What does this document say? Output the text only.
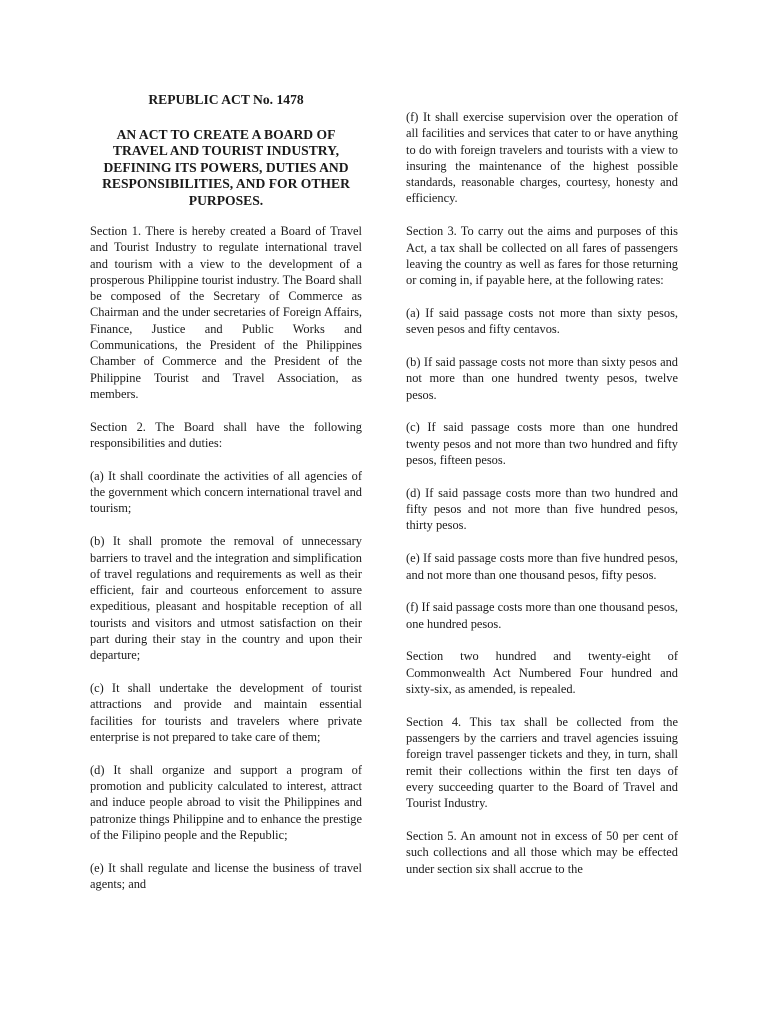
REPUBLIC ACT No. 1478
AN ACT TO CREATE A BOARD OF TRAVEL AND TOURIST INDUSTRY, DEFINING ITS POWERS, DUTIES AND RESPONSIBILITIES, AND FOR OTHER PURPOSES.

Section 1. There is hereby created a Board of Travel and Tourist Industry to regulate international travel and tourism with a view to the development of a prosperous Philippine tourist industry. The Board shall be composed of the Secretary of Commerce as Chairman and the under secretaries of Foreign Affairs, Finance, Justice and Public Works and Communications, the President of the Philippines Chamber of Commerce and the President of the Philippine Tourist and Travel Association, as members.

Section 2. The Board shall have the following responsibilities and duties:

(a) It shall coordinate the activities of all agencies of the government which concern international travel and tourism;

(b) It shall promote the removal of unnecessary barriers to travel and the integration and simplification of travel regulations and requirements as well as their efficient, fair and courteous enforcement to assure expeditious, pleasant and hospitable reception of all tourists and visitors and utmost satisfaction on their part during their stay in the country and upon their departure;

(c) It shall undertake the development of tourist attractions and provide and maintain essential facilities for tourists and travelers where private enterprise is not prepared to take care of them;

(d) It shall organize and support a program of promotion and publicity calculated to interest, attract and induce people abroad to visit the Philippines and patronize things Philippine and to enhance the prestige of the Filipino people and the Republic;

(e) It shall regulate and license the business of travel agents; and

(f) It shall exercise supervision over the operation of all facilities and services that cater to or have anything to do with foreign travelers and tourists with a view to insuring the maintenance of the highest possible standards, reasonable charges, courtesy, honesty and efficiency.

Section 3. To carry out the aims and purposes of this Act, a tax shall be collected on all fares of passengers leaving the country as well as fares for those returning or coming in, if payable here, at the following rates:

(a) If said passage costs not more than sixty pesos, seven pesos and fifty centavos.

(b) If said passage costs not more than sixty pesos and not more than one hundred twenty pesos, twelve pesos.

(c) If said passage costs more than one hundred twenty pesos and not more than two hundred and fifty pesos, fifteen pesos.

(d) If said passage costs more than two hundred and fifty pesos and not more than five hundred pesos, thirty pesos.

(e) If said passage costs more than five hundred pesos, and not more than one thousand pesos, fifty pesos.

(f) If said passage costs more than one thousand pesos, one hundred pesos.

Section two hundred and twenty-eight of Commonwealth Act Numbered Four hundred and sixty-six, as amended, is repealed.

Section 4. This tax shall be collected from the passengers by the carriers and travel agencies issuing foreign travel passenger tickets and they, in turn, shall remit their collections within the first ten days of every succeeding quarter to the Board of Travel and Tourist Industry.

Section 5. An amount not in excess of 50 per cent of such collections and all those which may be effected under section six shall accrue to the
